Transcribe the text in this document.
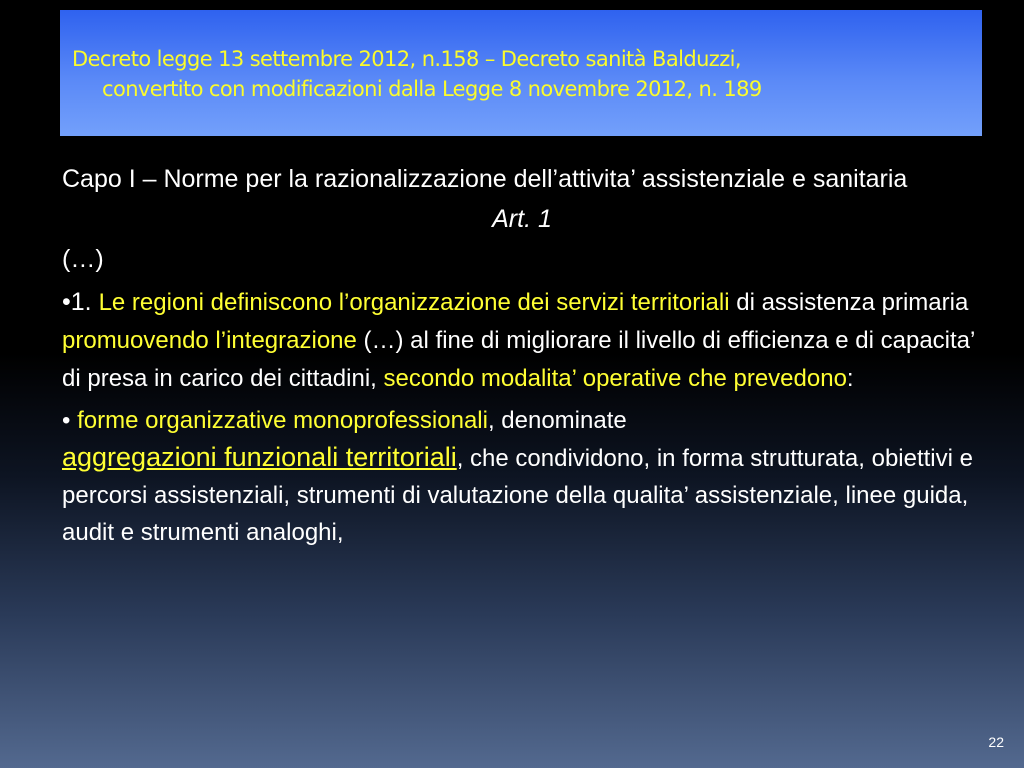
Decreto legge 13 settembre 2012, n.158 – Decreto sanità Balduzzi,
convertito con modificazioni dalla Legge 8 novembre 2012, n. 189
Capo I – Norme per la razionalizzazione dell’attivita’ assistenziale e sanitaria
Art. 1
(…)
•1. Le regioni definiscono l’organizzazione dei servizi territoriali di assistenza primaria promuovendo l’integrazione (…) al fine di migliorare il livello di efficienza e di capacita’ di presa in carico dei cittadini, secondo modalita’ operative che prevedono:
• forme organizzative monoprofessionali, denominate
aggregazioni funzionali territoriali, che condividono, in forma strutturata, obiettivi e percorsi assistenziali, strumenti di valutazione della qualita’ assistenziale, linee guida, audit e strumenti analoghi,
22
